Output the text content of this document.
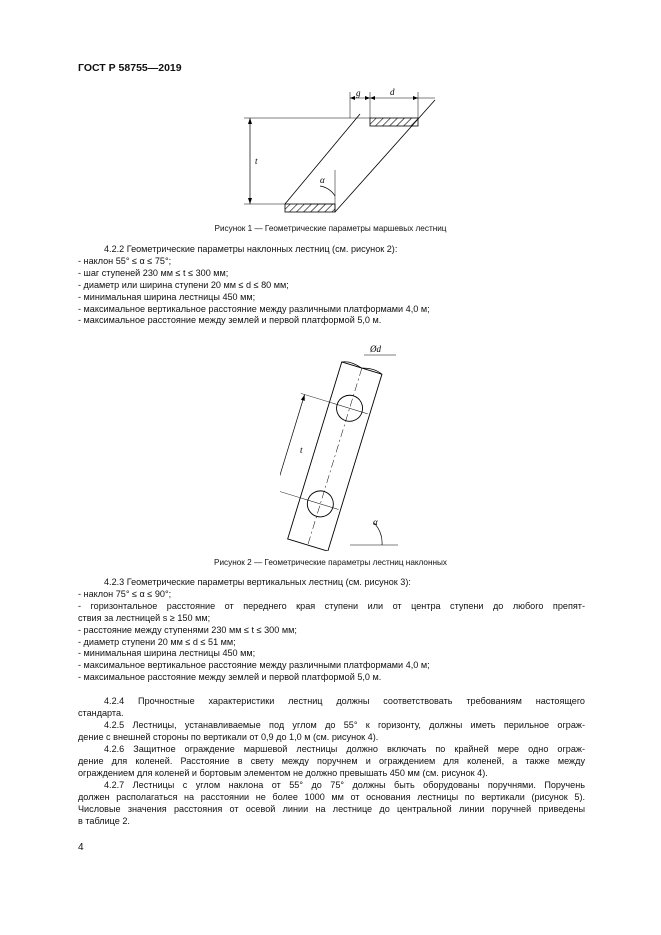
ГОСТ Р 58755—2019
g	d
t
α
Рисунок 1 — Геометрические параметры маршевых лестниц
4.2.2 Геометрические параметры наклонных лестниц (см. рисунок 2):
- наклон 55° ≤ α ≤ 75°;
- шаг ступеней 230 мм ≤ t ≤ 300 мм;
- диаметр или ширина ступени 20 мм ≤ d ≤ 80 мм;
- минимальная ширина лестницы 450 мм;
- максимальное вертикальное расстояние между различными платформами 4,0 м;
- максимальное расстояние между землей и первой платформой 5,0 м.
Ød
t
α
Рисунок 2 — Геометрические параметры лестниц наклонных
4.2.3 Геометрические параметры вертикальных лестниц (см. рисунок 3):
- наклон 75° ≤ α ≤ 90°;
- горизонтальное расстояние от переднего края ступени или от центра ступени до любого препят-
ствия за лестницей s ≥ 150 мм;
- расстояние между ступенями 230 мм ≤ t ≤ 300 мм;
- диаметр ступени 20 мм ≤ d ≤ 51 мм;
- минимальная ширина лестницы 450 мм;
- максимальное вертикальное расстояние между различными платформами 4,0 м;
- максимальное расстояние между землей и первой платформой 5,0 м.
4.2.4 Прочностные характеристики лестниц должны соответствовать требованиям настоящего
стандарта.
4.2.5 Лестницы, устанавливаемые под углом до 55° к горизонту, должны иметь перильное ограж-
дение с внешней стороны по вертикали от 0,9 до 1,0 м (см. рисунок 4).
4.2.6 Защитное ограждение маршевой лестницы должно включать по крайней мере одно ограж-
дение для коленей. Расстояние в свету между поручнем и ограждением для коленей, а также между
ограждением для коленей и бортовым элементом не должно превышать 450 мм (см. рисунок 4).
4.2.7 Лестницы с углом наклона от 55° до 75° должны быть оборудованы поручнями. Поручень
должен располагаться на расстоянии не более 1000 мм от основания лестницы по вертикали (рисунок 5).
Числовые значения расстояния от осевой линии на лестнице до центральной линии поручней приведены
в таблице 2.
4
